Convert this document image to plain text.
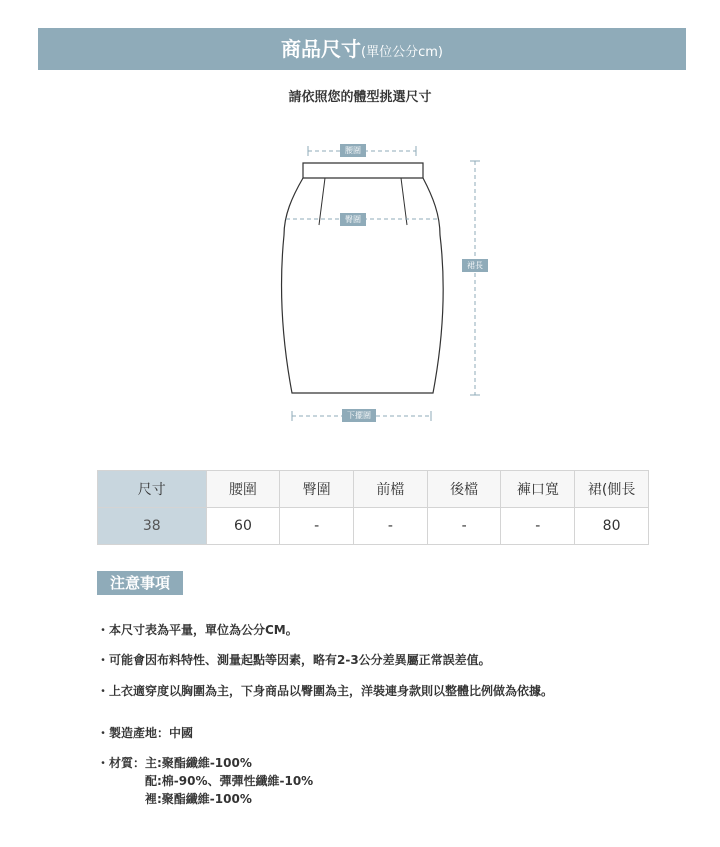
商品尺寸(單位公分cm)
請依照您的體型挑選尺寸
腰圍
臀圍
裙長
下擺圍
尺寸	腰圍	臀圍	前檔	後檔	褲口寬	裙(側長
38	60	-	-	-	-	80
注意事項
・本尺寸表為平量，單位為公分CM。
・可能會因布料特性、測量起點等因素，略有2-3公分差異屬正常誤差值。
・上衣適穿度以胸圍為主，下身商品以臀圍為主，洋裝連身款則以整體比例做為依據。
・製造產地：中國
・材質：主:聚酯纖維-100%
配:棉-90%、彈彈性纖維-10%
裡:聚酯纖維-100%
